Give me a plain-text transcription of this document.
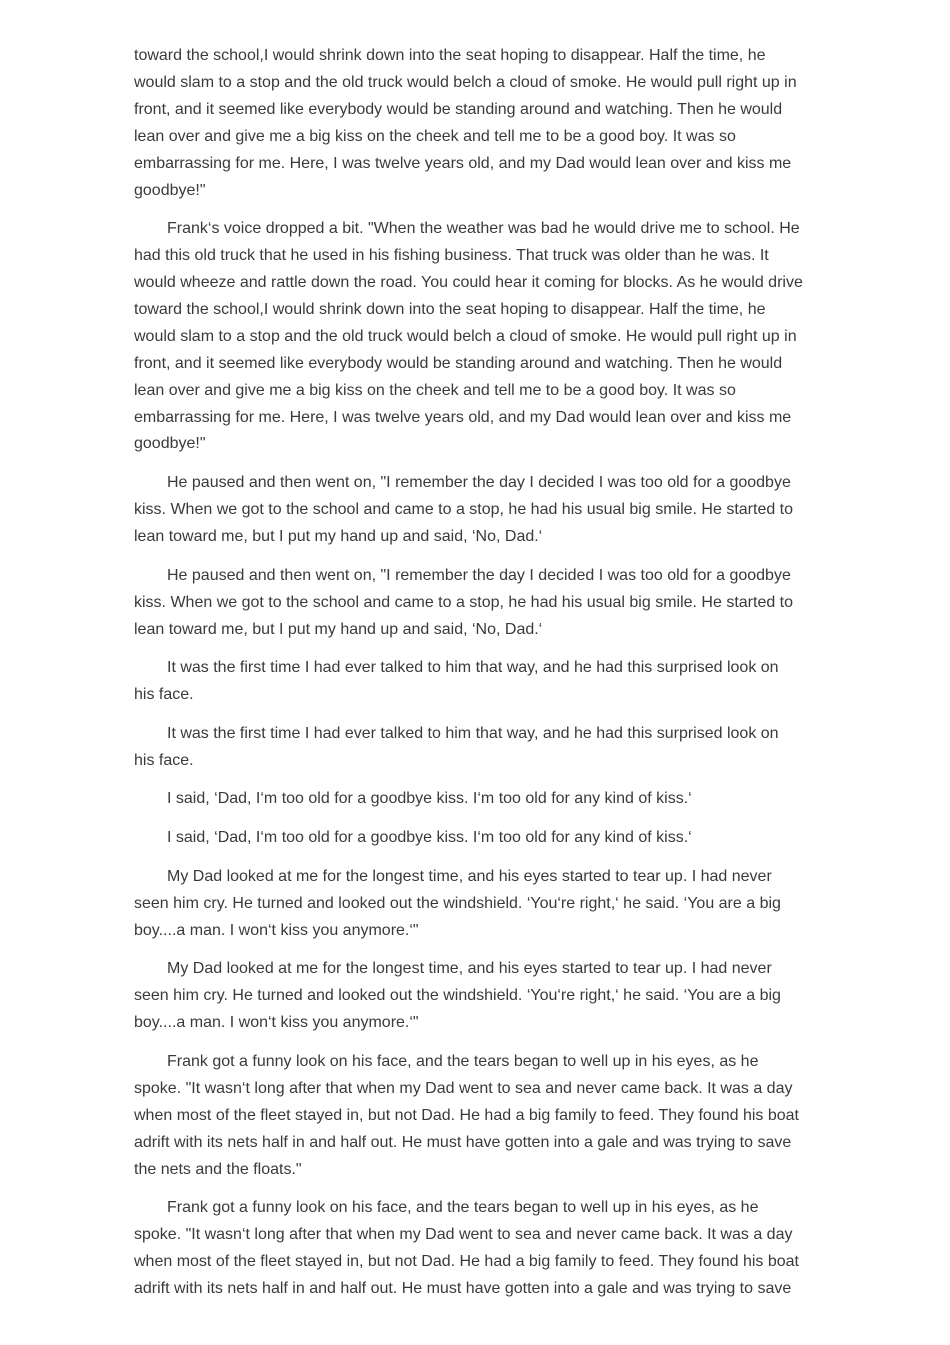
toward the school,I would shrink down into the seat hoping to disappear. Half the time, he
would slam to a stop and the old truck would belch a cloud of smoke. He would pull right up in
front, and it seemed like everybody would be standing around and watching. Then he would
lean over and give me a big kiss on the cheek and tell me to be a good boy. It was so
embarrassing for me. Here, I was twelve years old, and my Dad would lean over and kiss me
goodbye!"

Frank‘s voice dropped a bit. "When the weather was bad he would drive me to school. He
had this old truck that he used in his fishing business. That truck was older than he was. It
would wheeze and rattle down the road. You could hear it coming for blocks. As he would drive
toward the school,I would shrink down into the seat hoping to disappear. Half the time, he
would slam to a stop and the old truck would belch a cloud of smoke. He would pull right up in
front, and it seemed like everybody would be standing around and watching. Then he would
lean over and give me a big kiss on the cheek and tell me to be a good boy. It was so
embarrassing for me. Here, I was twelve years old, and my Dad would lean over and kiss me
goodbye!"

He paused and then went on, "I remember the day I decided I was too old for a goodbye
kiss. When we got to the school and came to a stop, he had his usual big smile. He started to
lean toward me, but I put my hand up and said, ‘No, Dad.‘

He paused and then went on, "I remember the day I decided I was too old for a goodbye
kiss. When we got to the school and came to a stop, he had his usual big smile. He started to
lean toward me, but I put my hand up and said, ‘No, Dad.‘

It was the first time I had ever talked to him that way, and he had this surprised look on
his face.

It was the first time I had ever talked to him that way, and he had this surprised look on
his face.

I said, ‘Dad, I‘m too old for a goodbye kiss. I‘m too old for any kind of kiss.‘

I said, ‘Dad, I‘m too old for a goodbye kiss. I‘m too old for any kind of kiss.‘

My Dad looked at me for the longest time, and his eyes started to tear up. I had never
seen him cry. He turned and looked out the windshield. ‘You‘re right,‘ he said. ‘You are a big
boy....a man. I won‘t kiss you anymore.‘"

My Dad looked at me for the longest time, and his eyes started to tear up. I had never
seen him cry. He turned and looked out the windshield. ‘You‘re right,‘ he said. ‘You are a big
boy....a man. I won‘t kiss you anymore.‘"

Frank got a funny look on his face, and the tears began to well up in his eyes, as he
spoke. "It wasn‘t long after that when my Dad went to sea and never came back. It was a day
when most of the fleet stayed in, but not Dad. He had a big family to feed. They found his boat
adrift with its nets half in and half out. He must have gotten into a gale and was trying to save
the nets and the floats."

Frank got a funny look on his face, and the tears began to well up in his eyes, as he
spoke. "It wasn‘t long after that when my Dad went to sea and never came back. It was a day
when most of the fleet stayed in, but not Dad. He had a big family to feed. They found his boat
adrift with its nets half in and half out. He must have gotten into a gale and was trying to save
